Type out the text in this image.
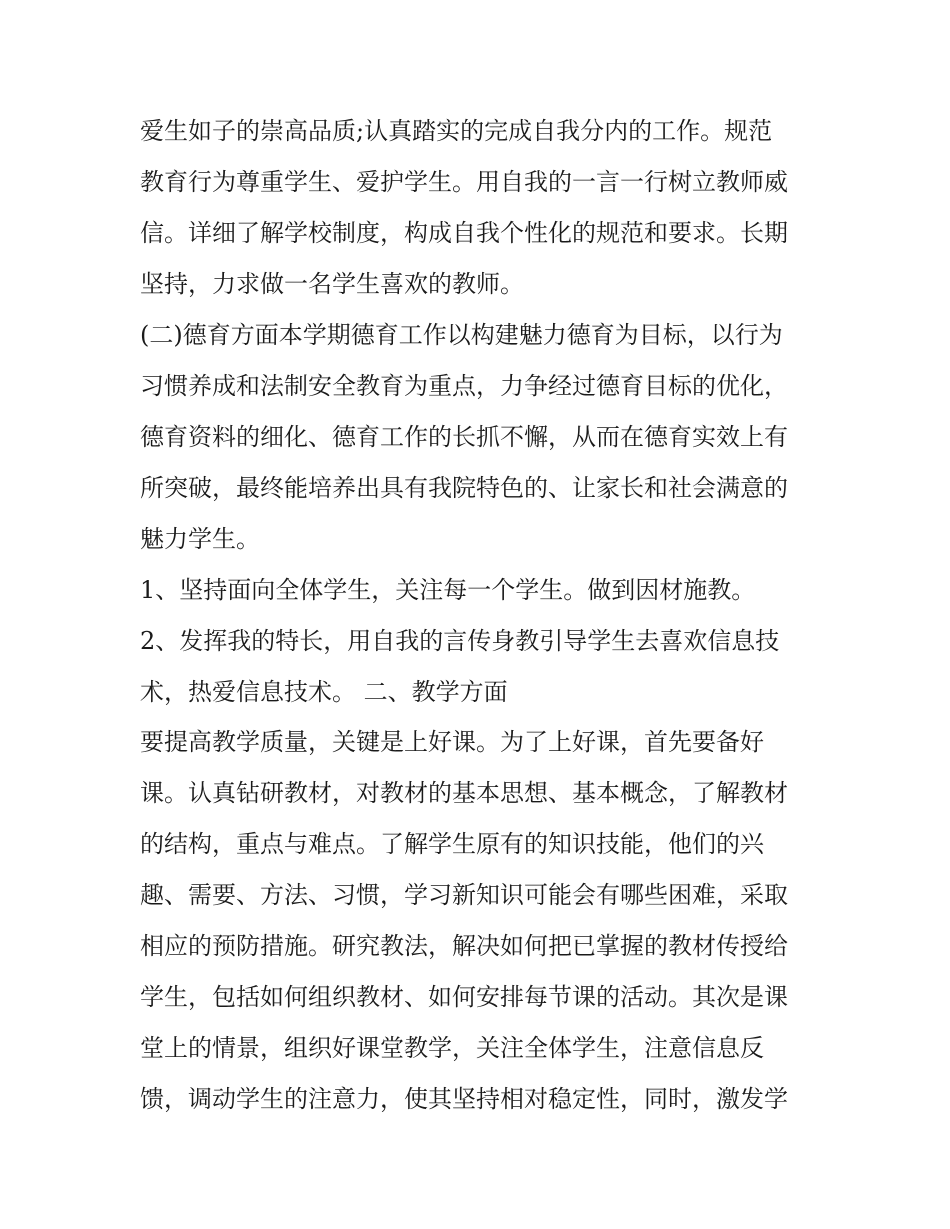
爱生如子的崇高品质;认真踏实的完成自我分内的工作。规范
教育行为尊重学生、爱护学生。用自我的一言一行树立教师威
信。详细了解学校制度，构成自我个性化的规范和要求。长期
坚持，力求做一名学生喜欢的教师。
(二)德育方面本学期德育工作以构建魅力德育为目标，以行为
习惯养成和法制安全教育为重点，力争经过德育目标的优化，
德育资料的细化、德育工作的长抓不懈，从而在德育实效上有
所突破，最终能培养出具有我院特色的、让家长和社会满意的
魅力学生。
1、坚持面向全体学生，关注每一个学生。做到因材施教。
2、发挥我的特长，用自我的言传身教引导学生去喜欢信息技
术，热爱信息技术。 二、教学方面
要提高教学质量，关键是上好课。为了上好课，首先要备好
课。认真钻研教材，对教材的基本思想、基本概念，了解教材
的结构，重点与难点。了解学生原有的知识技能，他们的兴
趣、需要、方法、习惯，学习新知识可能会有哪些困难，采取
相应的预防措施。研究教法，解决如何把已掌握的教材传授给
学生，包括如何组织教材、如何安排每节课的活动。其次是课
堂上的情景，组织好课堂教学，关注全体学生，注意信息反
馈，调动学生的注意力，使其坚持相对稳定性，同时，激发学
